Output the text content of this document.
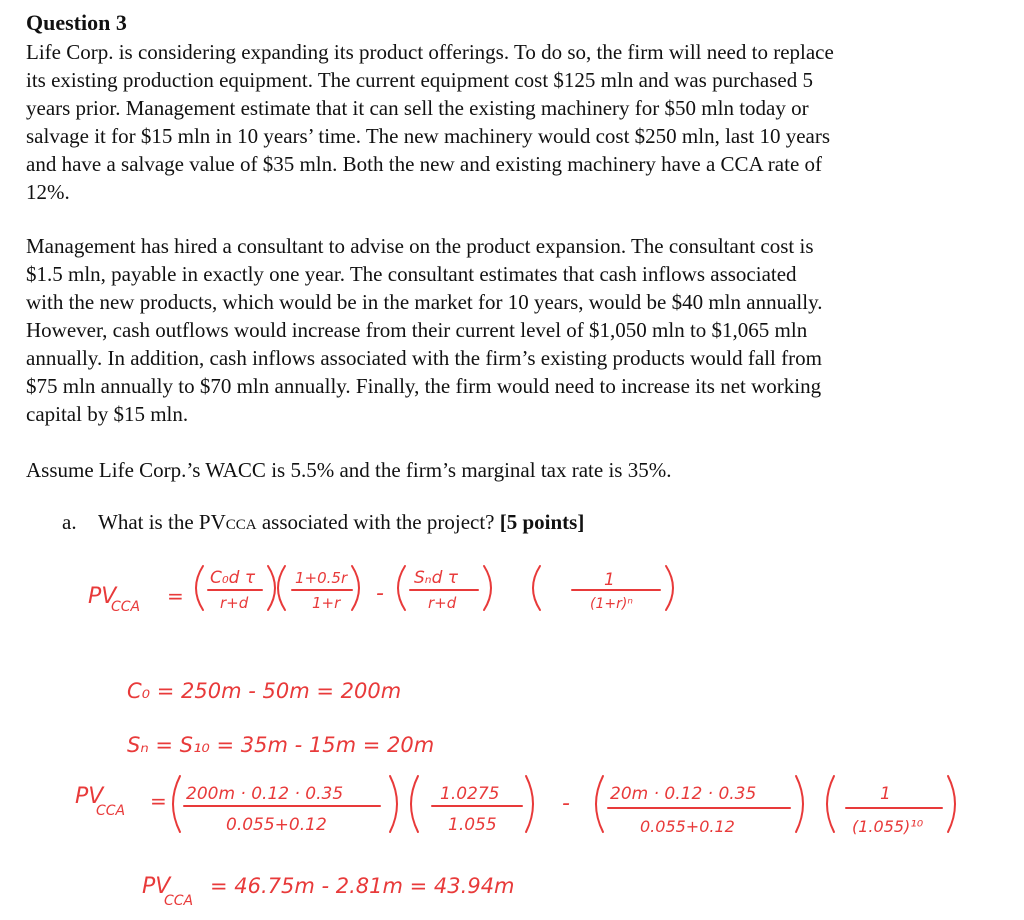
Question 3

Life Corp. is considering expanding its product offerings. To do so, the firm will need to replace
its existing production equipment. The current equipment cost $125 mln and was purchased 5
years prior. Management estimate that it can sell the existing machinery for $50 mln today or
salvage it for $15 mln in 10 years’ time. The new machinery would cost $250 mln, last 10 years
and have a salvage value of $35 mln. Both the new and existing machinery have a CCA rate of
12%.

Management has hired a consultant to advise on the product expansion. The consultant cost is
$1.5 mln, payable in exactly one year. The consultant estimates that cash inflows associated
with the new products, which would be in the market for 10 years, would be $40 mln annually.
However, cash outflows would increase from their current level of $1,050 mln to $1,065 mln
annually. In addition, cash inflows associated with the firm’s existing products would fall from
$75 mln annually to $70 mln annually. Finally, the firm would need to increase its net working
capital by $15 mln.

Assume Life Corp.’s WACC is 5.5% and the firm’s marginal tax rate is 35%.

a. What is the PVCCA associated with the project? [5 points]
PV
CCA =
C₀d τ
r+d
1+0.5r
1+r -
Sₙd τ
r+d
1
(1+r)ⁿ
C₀ = 250m - 50m = 200m
Sₙ = S₁₀ = 35m - 15m = 20m
PV
CCA = 200m · 0.12 · 0.35
0.055+0.12
1.0275
1.055
- 20m · 0.12 · 0.35
0.055+0.12
1
(1.055)¹⁰
PV
CCA
= 46.75m - 2.81m = 43.94m
